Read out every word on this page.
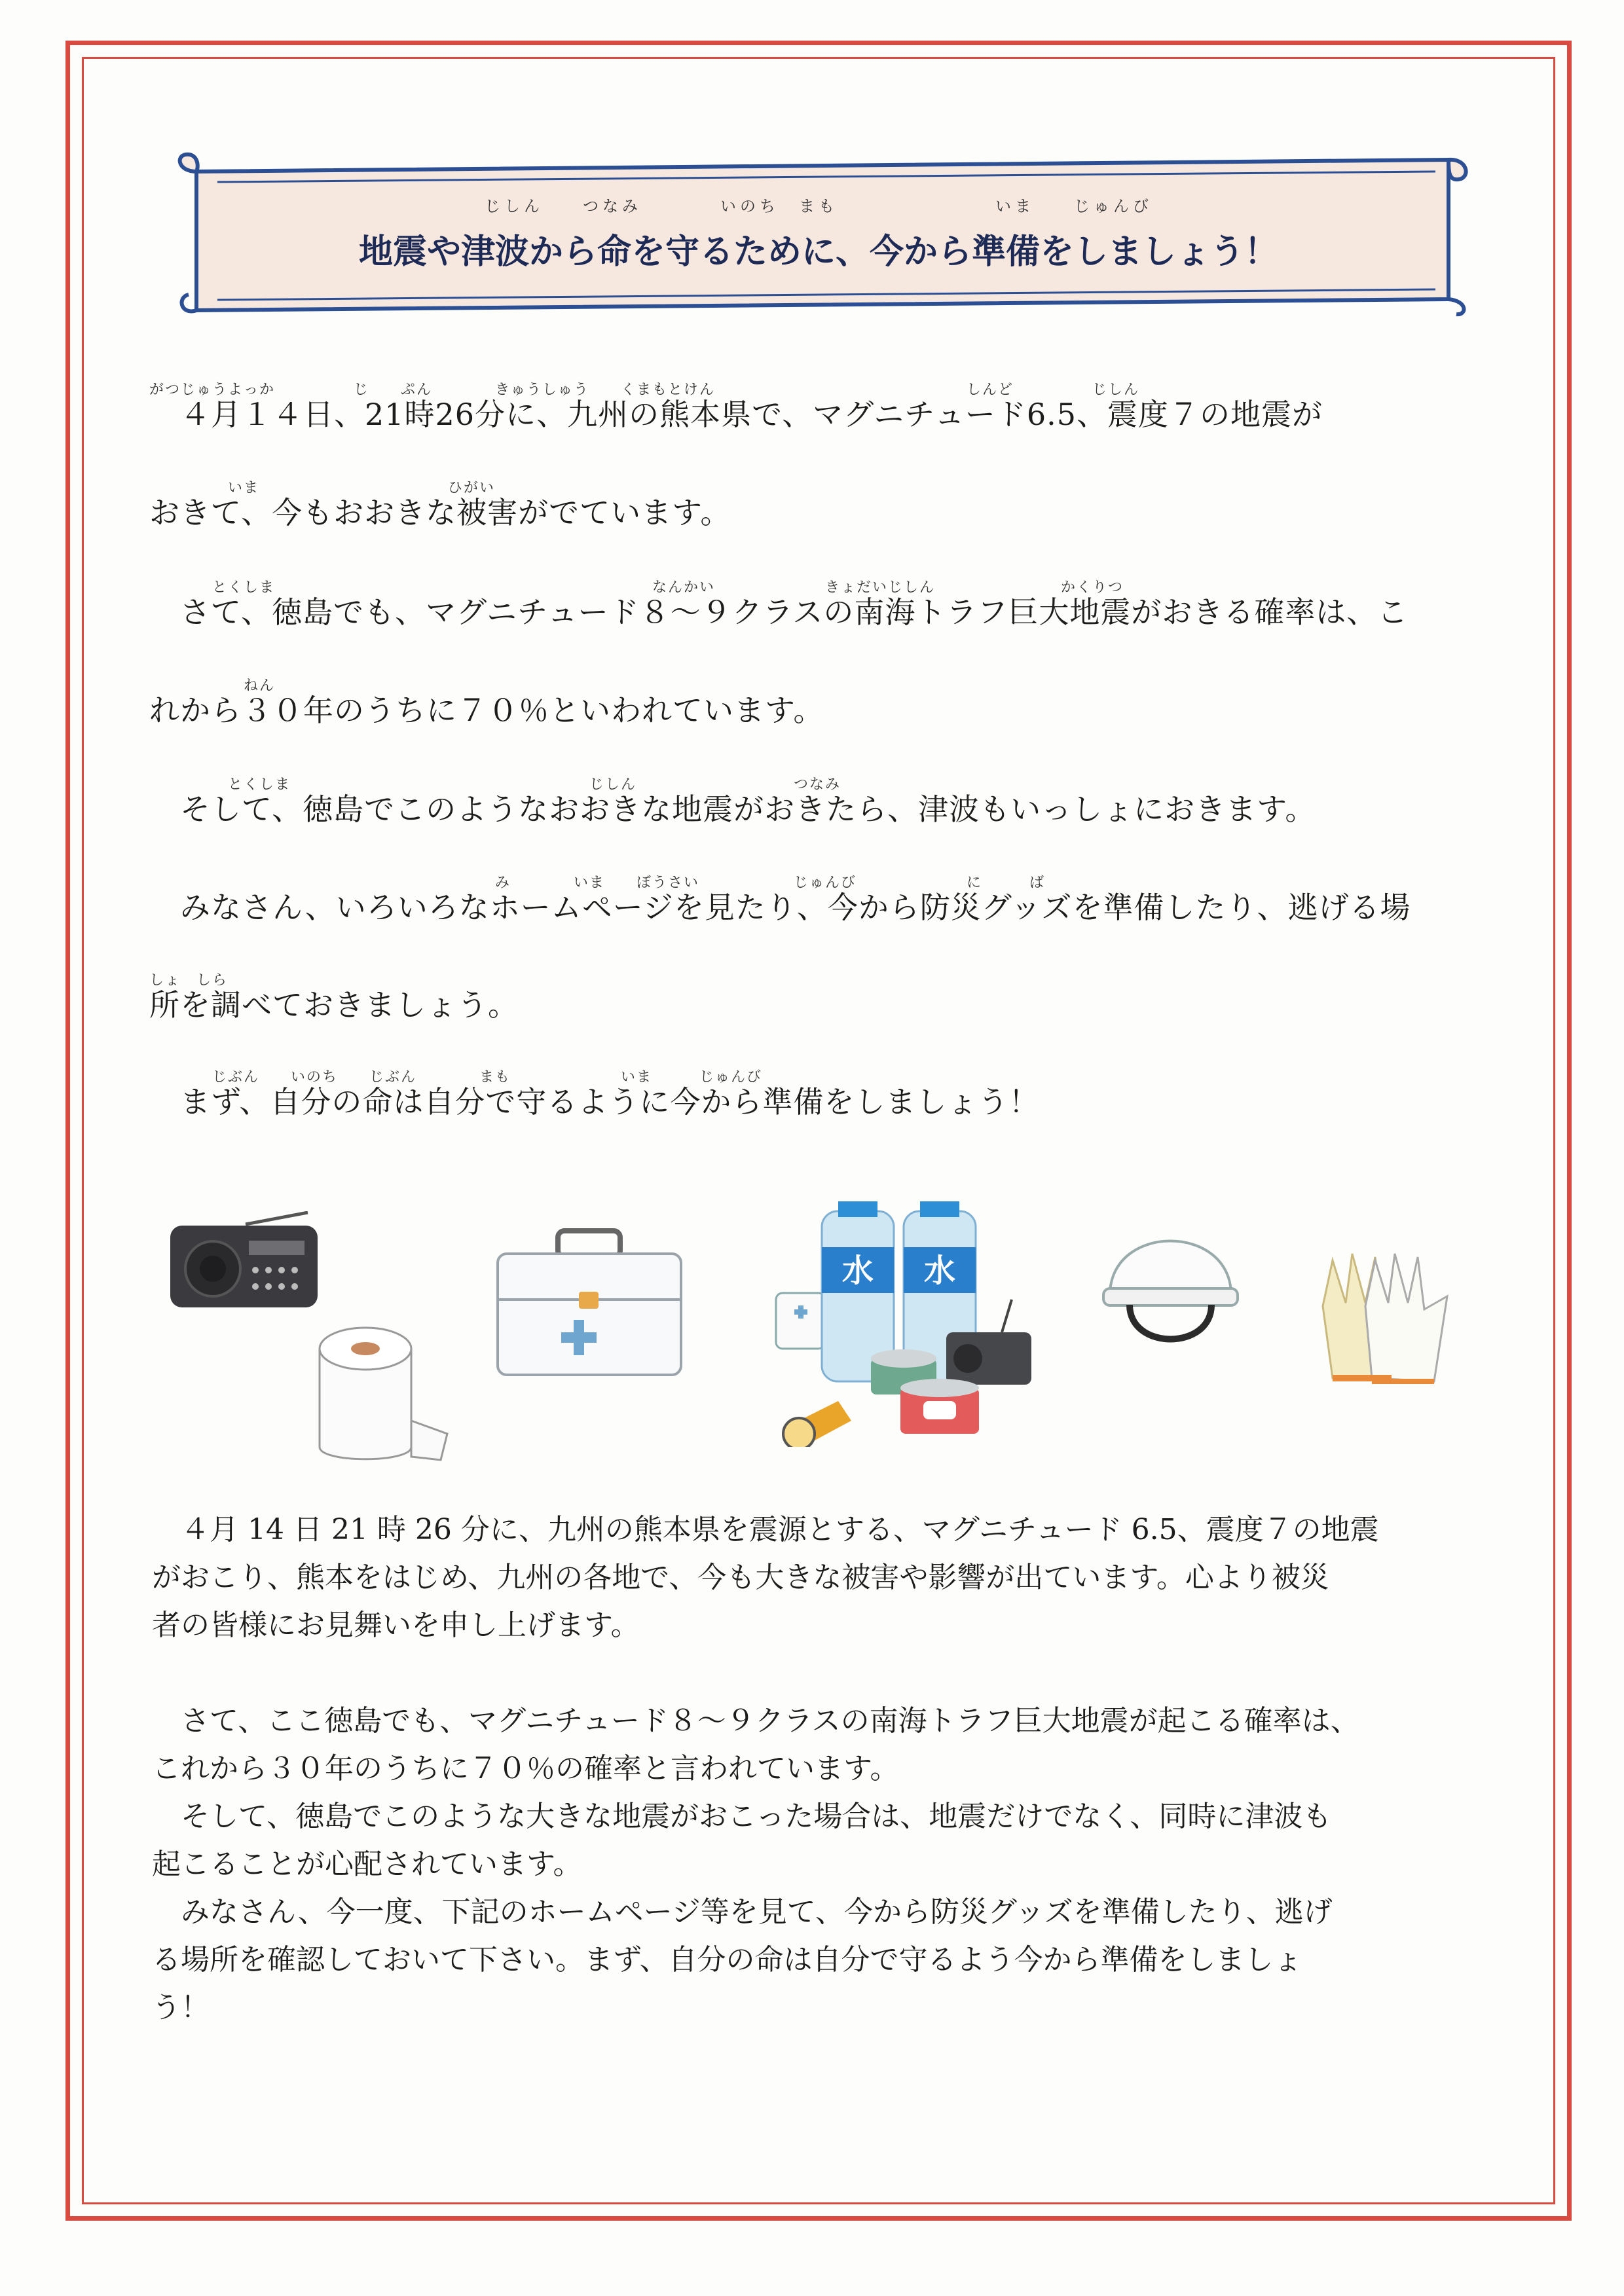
じしん　　つなみ　　　　いのち　まも　　　　　　　　いま　　じゅんび
地震や津波から命を守るために、今から準備をしましょう！
がつじゅうよっか　　　　　じ　　ぷん　　　　きゅうしゅう　　くまもとけん　　　　　　　　　　　　　　　　しんど　　　　　じしん
　４月１４日、21時26分に、九州の熊本県で、マグニチュード6.5、震度７の地震が
　　　　　いま　　　　　　　　　　　　ひがい
おきて、今もおおきな被害がでています。
　　　　とくしま　　　　　　　　　　　　　　　　　　　　　　　　なんかい　　　　　　　きょだいじしん　　　　　　　　かくりつ
　さて、徳島でも、マグニチュード８～９クラスの南海トラフ巨大地震がおきる確率は、こ
　　　　　　ねん
れから３０年のうちに７０％といわれています。
　　　　　とくしま　　　　　　　　　　　　　　　　　　　じしん　　　　　　　　　　つなみ
　そして、徳島でこのようなおおきな地震がおきたら、津波もいっしょにおきます。
　　　　　　　　　　　　　　　　　　　　　　み　　　　いま　　ぼうさい　　　　　　じゅんび　　　　　　　に　　　ば
　みなさん、いろいろなホームページを見たり、今から防災グッズを準備したり、逃げる場
しょ　しら
所を調べておきましょう。
　　　　じぶん　　いのち　　じぶん　　　　まも　　　　　　　いま　　　じゅんび
　まず、自分の命は自分で守るように今から準備をしましょう！
水 水
　４月 14 日 21 時 26 分に、九州の熊本県を震源とする、マグニチュード 6.5、震度７の地震
がおこり、熊本をはじめ、九州の各地で、今も大きな被害や影響が出ています。心より被災
者の皆様にお見舞いを申し上げます。
　さて、ここ徳島でも、マグニチュード８～９クラスの南海トラフ巨大地震が起こる確率は、
これから３０年のうちに７０％の確率と言われています。
　そして、徳島でこのような大きな地震がおこった場合は、地震だけでなく、同時に津波も
起こることが心配されています。
　みなさん、今一度、下記のホームページ等を見て、今から防災グッズを準備したり、逃げ
る場所を確認しておいて下さい。まず、自分の命は自分で守るよう今から準備をしましょ
う！
